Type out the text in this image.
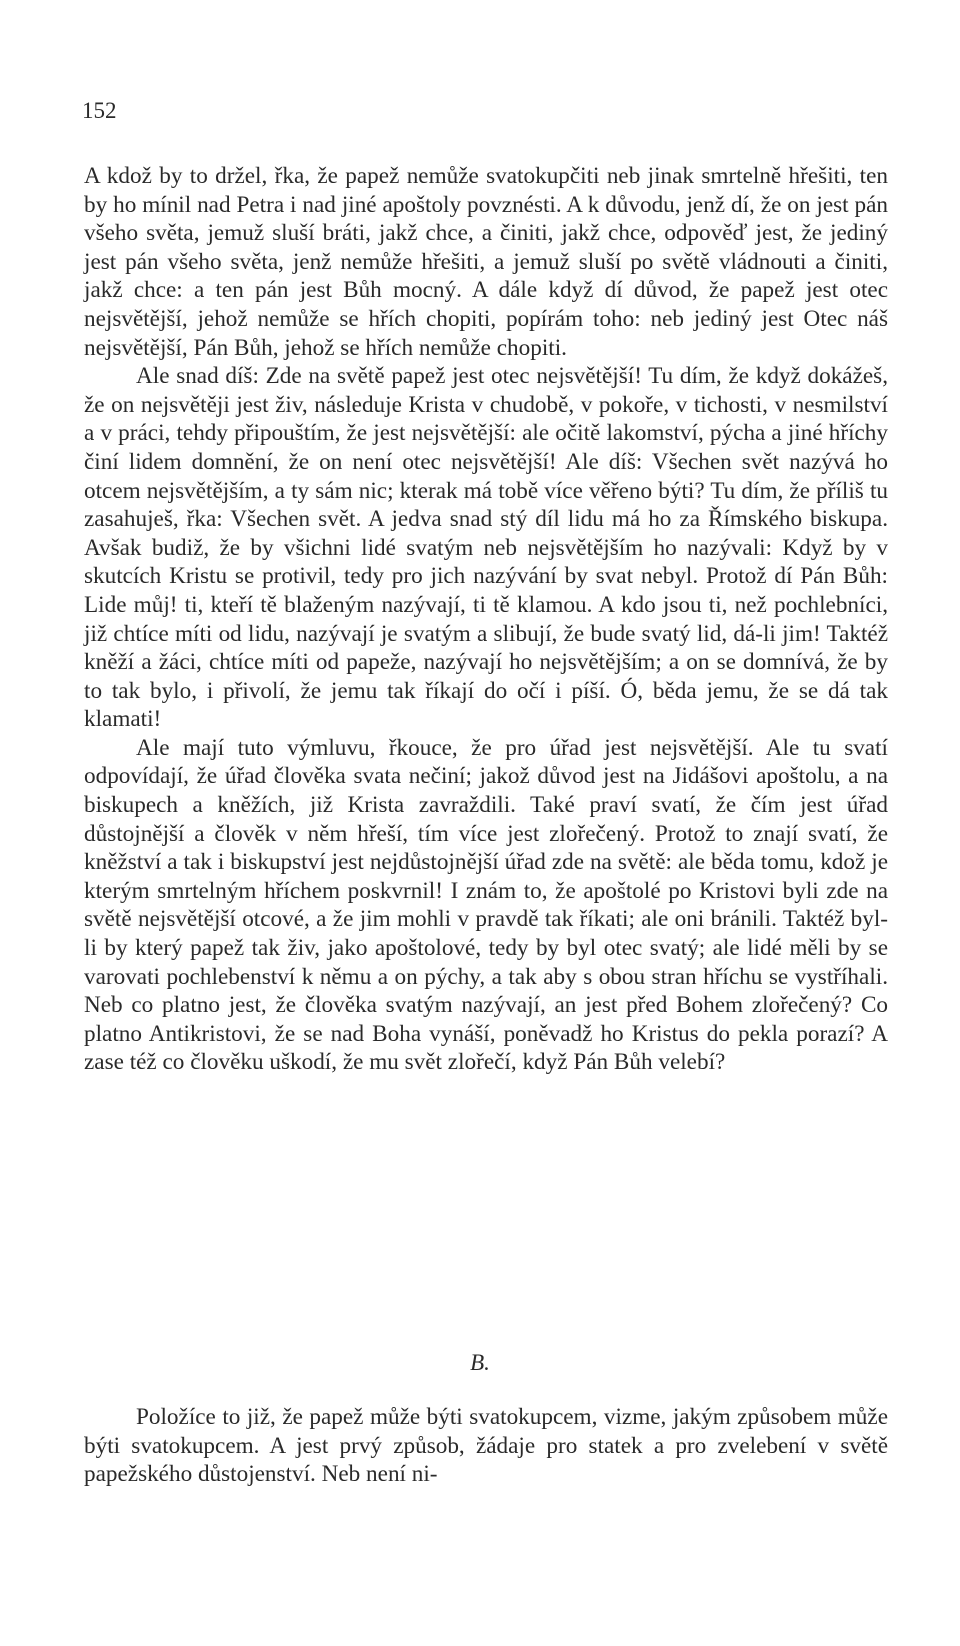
152

A kdož by to držel, řka, že papež nemůže svatokupčiti neb jinak smrtelně hřešiti, ten by ho mínil nad Petra i nad jiné apoštoly povznésti. A k důvodu, jenž dí, že on jest pán všeho světa, jemuž sluší bráti, jakž chce, a činiti, jakž chce, odpověď jest, že jediný jest pán všeho světa, jenž nemůže hřešiti, a jemuž sluší po světě vládnouti a činiti, jakž chce: a ten pán jest Bůh mocný. A dále když dí důvod, že papež jest otec nejsvětější, jehož nemůže se hřích chopiti, popírám toho: neb jediný jest Otec náš nejsvětější, Pán Bůh, jehož se hřích nemůže chopiti.

Ale snad díš: Zde na světě papež jest otec nejsvětější! Tu dím, že když dokážeš, že on nejsvětěji jest živ, následuje Krista v chudobě, v pokoře, v tichosti, v nesmilství a v práci, tehdy připouštím, že jest nejsvětější: ale očitě lakomství, pýcha a jiné hříchy činí lidem domnění, že on není otec nejsvětější! Ale díš: Všechen svět nazývá ho otcem nejsvětějším, a ty sám nic; kterak má tobě více věřeno býti? Tu dím, že příliš tu zasahuješ, řka: Všechen svět. A jedva snad stý díl lidu má ho za Římského biskupa. Avšak budiž, že by všichni lidé svatým neb nejsvětějším ho nazývali: Když by v skutcích Kristu se protivil, tedy pro jich nazývání by svat nebyl. Protož dí Pán Bůh: Lide můj! ti, kteří tě blaženým nazývají, ti tě klamou. A kdo jsou ti, než pochlebníci, již chtíce míti od lidu, nazývají je svatým a slibují, že bude svatý lid, dá-li jim! Taktéž kněží a žáci, chtíce míti od papeže, nazývají ho nejsvětějším; a on se domnívá, že by to tak bylo, i přivolí, že jemu tak říkají do očí i píší. Ó, běda jemu, že se dá tak klamati!

Ale mají tuto výmluvu, řkouce, že pro úřad jest nejsvětější. Ale tu svatí odpovídají, že úřad člověka svata nečiní; jakož důvod jest na Jidášovi apoštolu, a na biskupech a kněžích, již Krista zavraždili. Také praví svatí, že čím jest úřad důstojnější a člověk v něm hřeší, tím více jest zlořečený. Protož to znají svatí, že kněžství a tak i biskupství jest nejdůstojnější úřad zde na světě: ale běda tomu, kdož je kterým smrtelným hříchem poskvrnil! I znám to, že apoštolé po Kristovi byli zde na světě nejsvětější otcové, a že jim mohli v pravdě tak říkati; ale oni bránili. Taktéž byl-li by který papež tak živ, jako apoštolové, tedy by byl otec svatý; ale lidé měli by se varovati pochlebenství k němu a on pýchy, a tak aby s obou stran hříchu se vystříhali. Neb co platno jest, že člověka svatým nazývají, an jest před Bohem zlořečený? Co platno Antikristovi, že se nad Boha vynáší, poněvadž ho Kristus do pekla porazí? A zase též co člověku uškodí, že mu svět zlořečí, když Pán Bůh velebí?

B.

Položíce to již, že papež může býti svatokupcem, vizme, jakým způsobem může býti svatokupcem. A jest prvý způsob, žádaje pro statek a pro zvelebení v světě papežského důstojenství. Neb není ni-
